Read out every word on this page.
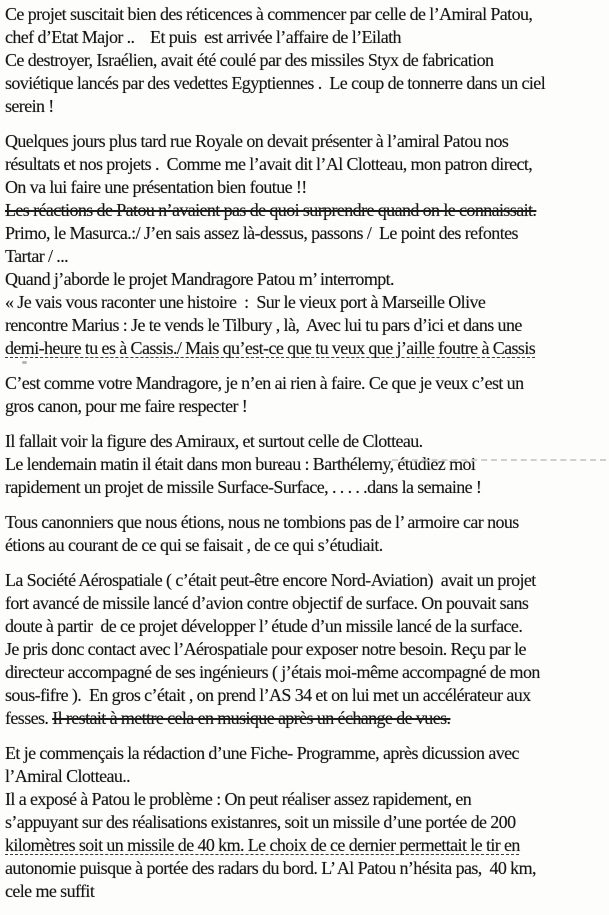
Ce projet suscitait bien des réticences à commencer par celle de l’Amiral Patou,
chef d’Etat Major ..    Et puis  est arrivée l’affaire de l’Eilath
Ce destroyer, Israélien, avait été coulé par des missiles Styx de fabrication
soviétique lancés par des vedettes Egyptiennes .  Le coup de tonnerre dans un ciel
serein !
Quelques jours plus tard rue Royale on devait présenter à l’amiral Patou nos
résultats et nos projets .  Comme me l’avait dit l’Al Clotteau, mon patron direct,
On va lui faire une présentation bien foutue !!
Les réactions de Patou n’avaient pas de quoi surprendre quand on le connaissait.
Primo, le Masurca.:/ J’en sais assez là-dessus, passons /  Le point des refontes
Tartar / ...
Quand j’aborde le projet Mandragore Patou m’ interrompt.
« Je vais vous raconter une histoire  :  Sur le vieux port à Marseille Olive
rencontre Marius : Je te vends le Tilbury , là,  Avec lui tu pars d’ici et dans une
demi-heure tu es à Cassis./ Mais qu’est-ce que tu veux que j’aille foutre à Cassis
C’est comme votre Mandragore, je n’en ai rien à faire. Ce que je veux c’est un
gros canon, pour me faire respecter !
Il fallait voir la figure des Amiraux, et surtout celle de Clotteau.
Le lendemain matin il était dans mon bureau : Barthélemy, étudiez moi
rapidement un projet de missile Surface-Surface, . . . . .dans la semaine !
Tous canonniers que nous étions, nous ne tombions pas de l’ armoire car nous
étions au courant de ce qui se faisait , de ce qui s’étudiait.
La Société Aérospatiale ( c’était peut-être encore Nord-Aviation)  avait un projet
fort avancé de missile lancé d’avion contre objectif de surface. On pouvait sans
doute à partir  de ce projet développer l’ étude d’un missile lancé de la surface.
Je pris donc contact avec l’Aérospatiale pour exposer notre besoin. Reçu par le
directeur accompagné de ses ingénieurs ( j’étais moi-même accompagné de mon
sous-fifre ).  En gros c’était , on prend l’AS 34 et on lui met un accélérateur aux
fesses. Il restait à mettre cela en musique après un échange de vues.
Et je commençais la rédaction d’une Fiche- Programme, après dicussion avec
l’Amiral Clotteau..
Il a exposé à Patou le problème : On peut réaliser assez rapidement, en
s’appuyant sur des réalisations existanres, soit un missile d’une portée de 200
kilomètres soit un missile de 40 km. Le choix de ce dernier permettait le tir en
autonomie puisque à portée des radars du bord. L’ Al Patou n’hésita pas,  40 km,
cele me suffit
